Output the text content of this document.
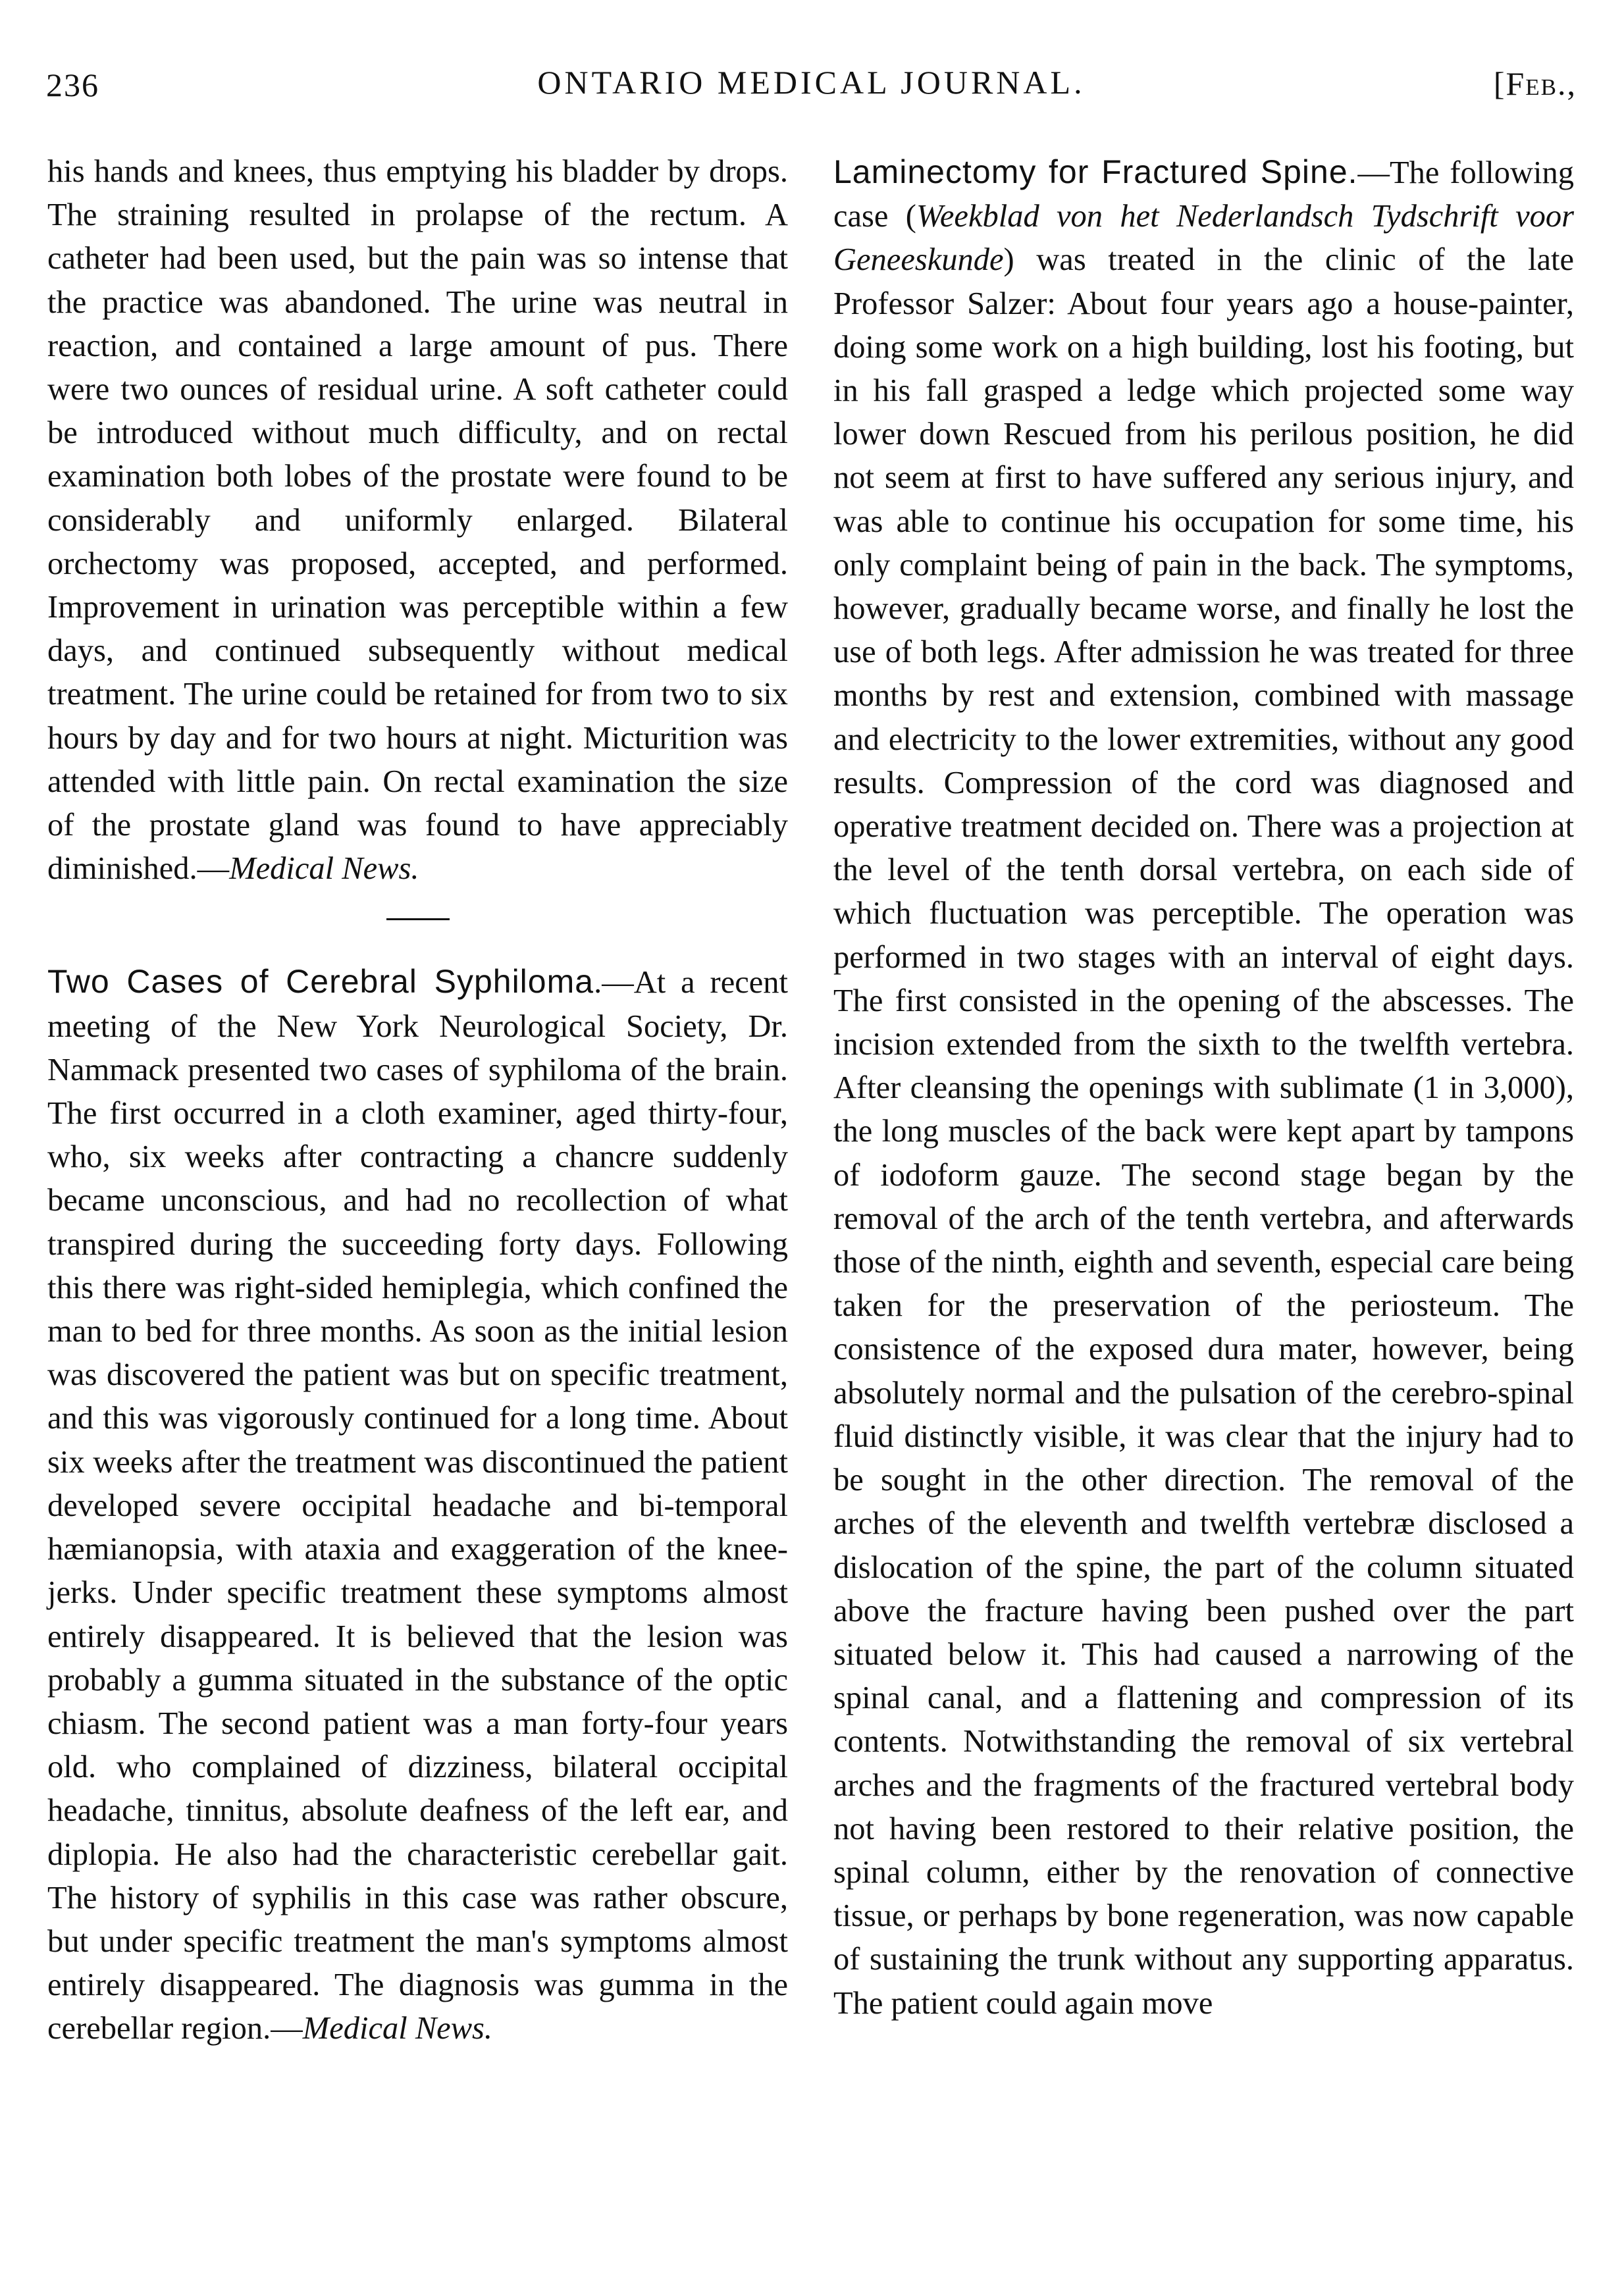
236	ONTARIO MEDICAL JOURNAL.	[Feb.,

his hands and knees, thus emptying his bladder by drops. The straining resulted in prolapse of the rectum. A catheter had been used, but the pain was so intense that the practice was abandoned. The urine was neutral in reaction, and contained a large amount of pus. There were two ounces of residual urine. A soft catheter could be introduced without much difficulty, and on rectal examination both lobes of the prostate were found to be considerably and uniformly enlarged. Bilateral orchectomy was proposed, accepted, and performed. Improvement in urination was perceptible within a few days, and continued subsequently without medical treatment. The urine could be retained for from two to six hours by day and for two hours at night. Micturition was attended with little pain. On rectal examination the size of the prostate gland was found to have appreciably diminished.—Medical News.

Two Cases of Cerebral Syphiloma.—At a recent meeting of the New York Neurological Society, Dr. Nammack presented two cases of syphiloma of the brain. The first occurred in a cloth examiner, aged thirty-four, who, six weeks after contracting a chancre suddenly became unconscious, and had no recollection of what transpired during the succeeding forty days. Following this there was right-sided hemiplegia, which confined the man to bed for three months. As soon as the initial lesion was discovered the patient was but on specific treatment, and this was vigorously continued for a long time. About six weeks after the treatment was discontinued the patient developed severe occipital headache and bi-temporal hæmianopsia, with ataxia and exaggeration of the knee-jerks. Under specific treatment these symptoms almost entirely disappeared. It is believed that the lesion was probably a gumma situated in the substance of the optic chiasm. The second patient was a man forty-four years old. who complained of dizziness, bilateral occipital headache, tinnitus, absolute deafness of the left ear, and diplopia. He also had the characteristic cerebellar gait. The history of syphilis in this case was rather obscure, but under specific treatment the man's symptoms almost entirely disappeared. The diagnosis was gumma in the cerebellar region.—Medical News.

Laminectomy for Fractured Spine.—The following case (Weekblad von het Nederlandsch Tydschrift voor Geneeskunde) was treated in the clinic of the late Professor Salzer: About four years ago a house-painter, doing some work on a high building, lost his footing, but in his fall grasped a ledge which projected some way lower down Rescued from his perilous position, he did not seem at first to have suffered any serious injury, and was able to continue his occupation for some time, his only complaint being of pain in the back. The symptoms, however, gradually became worse, and finally he lost the use of both legs. After admission he was treated for three months by rest and extension, combined with massage and electricity to the lower extremities, without any good results. Compression of the cord was diagnosed and operative treatment decided on. There was a projection at the level of the tenth dorsal vertebra, on each side of which fluctuation was perceptible. The operation was performed in two stages with an interval of eight days. The first consisted in the opening of the abscesses. The incision extended from the sixth to the twelfth vertebra. After cleansing the openings with sublimate (1 in 3,000), the long muscles of the back were kept apart by tampons of iodoform gauze. The second stage began by the removal of the arch of the tenth vertebra, and afterwards those of the ninth, eighth and seventh, especial care being taken for the preservation of the periosteum. The consistence of the exposed dura mater, however, being absolutely normal and the pulsation of the cerebro-spinal fluid distinctly visible, it was clear that the injury had to be sought in the other direction. The removal of the arches of the eleventh and twelfth vertebræ disclosed a dislocation of the spine, the part of the column situated above the fracture having been pushed over the part situated below it. This had caused a narrowing of the spinal canal, and a flattening and compression of its contents. Notwithstanding the removal of six vertebral arches and the fragments of the fractured vertebral body not having been restored to their relative position, the spinal column, either by the renovation of connective tissue, or perhaps by bone regeneration, was now capable of sustaining the trunk without any supporting apparatus. The patient could again move
